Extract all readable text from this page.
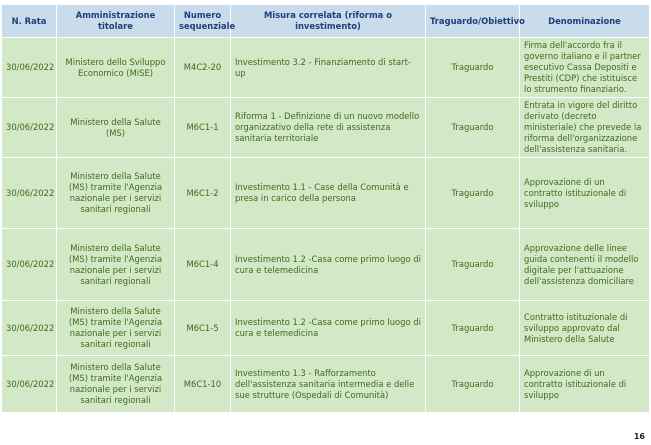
N. Rata	Amministrazione titolare	Numero sequenziale	Misura correlata (riforma o investimento)	Traguardo/Obiettivo	Denominazione
30/06/2022	Ministero dello Sviluppo Economico (MiSE)	M4C2-20	Investimento 3.2 - Finanziamento di start-up	Traguardo	Firma dell'accordo fra il governo italiano e il partner esecutivo Cassa Depositi e Prestiti (CDP) che istituisce lo strumento finanziario.
30/06/2022	Ministero della Salute (MS)	M6C1-1	Riforma 1 - Definizione di un nuovo modello organizzativo della rete di assistenza sanitaria territoriale	Traguardo	Entrata in vigore del diritto derivato (decreto ministeriale) che prevede la riforma dell'organizzazione dell'assistenza sanitaria.
30/06/2022	Ministero della Salute (MS) tramite l'Agenzia nazionale per i servizi sanitari regionali	M6C1-2	Investimento 1.1 - Case della Comunità e presa in carico della persona	Traguardo	Approvazione di un contratto istituzionale di sviluppo
30/06/2022	Ministero della Salute (MS) tramite l'Agenzia nazionale per i servizi sanitari regionali	M6C1-4	Investimento 1.2 -Casa come primo luogo di cura e telemedicina	Traguardo	Approvazione delle linee guida contenenti il modello digitale per l'attuazione dell'assistenza domiciliare
30/06/2022	Ministero della Salute (MS) tramite l'Agenzia nazionale per i servizi sanitari regionali	M6C1-5	Investimento 1.2 -Casa come primo luogo di cura e telemedicina	Traguardo	Contratto istituzionale di sviluppo approvato dal Ministero della Salute
30/06/2022	Ministero della Salute (MS) tramite l'Agenzia nazionale per i servizi sanitari regionali	M6C1-10	Investimento 1.3 - Rafforzamento dell'assistenza sanitaria intermedia e delle sue strutture (Ospedali di Comunità)	Traguardo	Approvazione di un contratto istituzionale di sviluppo
16
